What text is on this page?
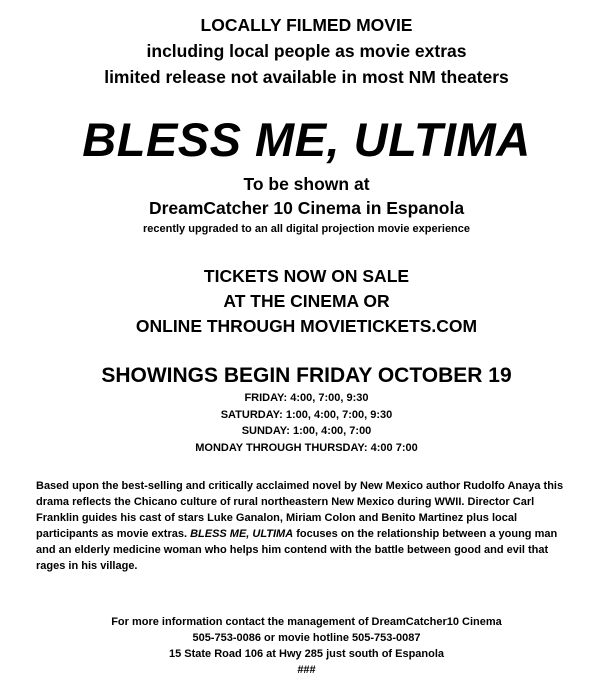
LOCALLY FILMED MOVIE

including local people as movie extras

limited release not available in most NM theaters

BLESS ME, ULTIMA
To be shown at
DreamCatcher 10 Cinema in Espanola
recently upgraded to an all digital projection movie experience

TICKETS NOW ON SALE

AT THE CINEMA OR

ONLINE THROUGH MOVIETICKETS.COM

SHOWINGS BEGIN FRIDAY OCTOBER 19
FRIDAY: 4:00, 7:00, 9:30
SATURDAY: 1:00, 4:00, 7:00, 9:30
SUNDAY: 1:00, 4:00, 7:00
MONDAY THROUGH THURSDAY: 4:00 7:00

Based upon the best-selling and critically acclaimed novel by New Mexico author Rudolfo Anaya this drama reflects the Chicano culture of rural northeastern New Mexico during WWII. Director Carl Franklin guides his cast of stars Luke Ganalon, Miriam Colon and Benito Martinez plus local participants as movie extras. BLESS ME, ULTIMA focuses on the relationship between a young man and an elderly medicine woman who helps him contend with the battle between good and evil that rages in his village.

For more information contact the management of DreamCatcher10 Cinema

505-753-0086 or movie hotline 505-753-0087

15 State Road 106 at Hwy 285 just south of Espanola

###
